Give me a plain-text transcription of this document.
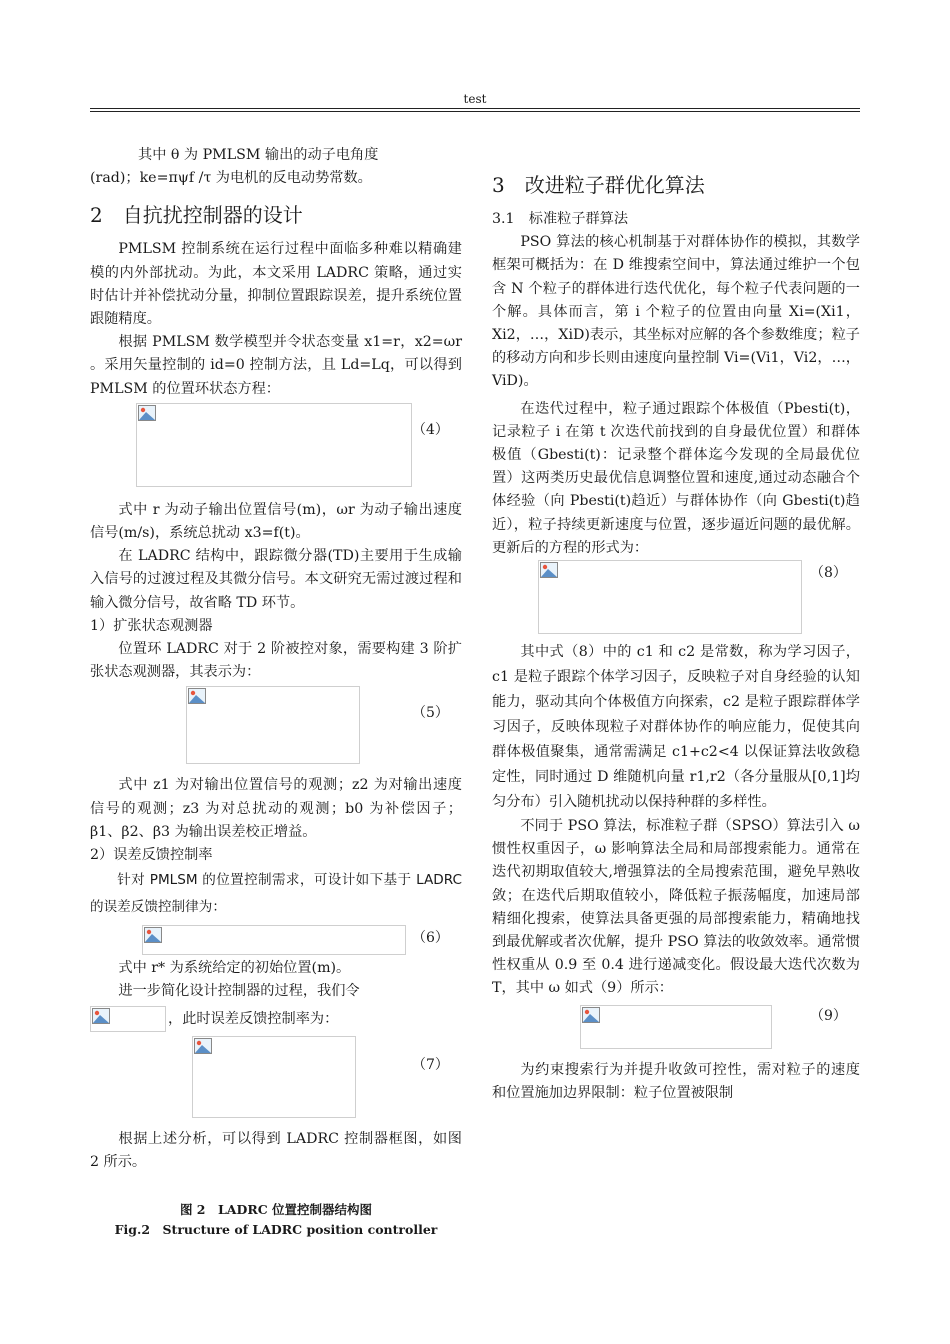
test

其中 θ 为 PMLSM 输出的动子电角度

(rad)；ke=πψf /τ 为电机的反电动势常数。

2　自抗扰控制器的设计

PMLSM 控制系统在运行过程中面临多种难以精确建模的内外部扰动。为此，本文采用 LADRC 策略，通过实时估计并补偿扰动分量，抑制位置跟踪误差，提升系统位置跟随精度。

根据 PMLSM 数学模型并令状态变量 x1=r，x2=ωr 。采用矢量控制的 id=0 控制方法，且 Ld=Lq，可以得到 PMLSM 的位置环状态方程：

（4）

式中 r 为动子输出位置信号(m)，ωr 为动子输出速度信号(m/s)，系统总扰动 x3=f(t)。

在 LADRC 结构中，跟踪微分器(TD)主要用于生成输入信号的过渡过程及其微分信号。本文研究无需过渡过程和输入微分信号，故省略 TD 环节。

1）扩张状态观测器

位置环 LADRC 对于 2 阶被控对象，需要构建 3 阶扩张状态观测器，其表示为：

（5）

式中 z1 为对输出位置信号的观测；z2 为对输出速度信号的观测；z3 为对总扰动的观测；b0 为补偿因子；β1、β2、β3 为输出误差校正增益。

2）误差反馈控制率

针对 PMLSM 的位置控制需求，可设计如下基于 LADRC 的误差反馈控制律为：

（6）

式中 r* 为系统给定的初始位置(m)。

进一步简化设计控制器的过程，我们令

，此时误差反馈控制率为：
（7）

根据上述分析，可以得到 LADRC 控制器框图，如图 2 所示。

图 2　LADRC 位置控制器结构图

Fig.2　Structure of LADRC position controller

3　改进粒子群优化算法

3.1　标准粒子群算法

PSO 算法的核心机制基于对群体协作的模拟，其数学框架可概括为：在 D 维搜索空间中，算法通过维护一个包含 N 个粒子的群体进行迭代优化，每个粒子代表问题的一个解。具体而言，第 i 个粒子的位置由向量 Xi=(Xi1，Xi2，…，XiD)表示，其坐标对应解的各个参数维度；粒子的移动方向和步长则由速度向量控制 Vi=(Vi1，Vi2，…，ViD)。

在迭代过程中，粒子通过跟踪个体极值（Pbesti(t)，记录粒子 i 在第 t 次迭代前找到的自身最优位置）和群体极值（Gbesti(t)：记录整个群体迄今发现的全局最优位置）这两类历史最优信息调整位置和速度,通过动态融合个体经验（向 Pbesti(t)趋近）与群体协作（向 Gbesti(t)趋近），粒子持续更新速度与位置，逐步逼近问题的最优解。更新后的方程的形式为：

（8）

其中式（8）中的 c1 和 c2 是常数，称为学习因子，c1 是粒子跟踪个体学习因子，反映粒子对自身经验的认知能力，驱动其向个体极值方向探索，c2 是粒子跟踪群体学习因子，反映体现粒子对群体协作的响应能力，促使其向群体极值聚集，通常需满足 c1+c2<4 以保证算法收敛稳定性，同时通过 D 维随机向量 r1,r2（各分量服从[0,1]均匀分布）引入随机扰动以保持种群的多样性。

不同于 PSO 算法，标准粒子群（SPSO）算法引入 ω 惯性权重因子，ω 影响算法全局和局部搜索能力。通常在迭代初期取值较大,增强算法的全局搜索范围，避免早熟收敛；在迭代后期取值较小，降低粒子振荡幅度，加速局部精细化搜索，使算法具备更强的局部搜索能力，精确地找到最优解或者次优解，提升 PSO 算法的收敛效率。通常惯性权重从 0.9 至 0.4 进行递减变化。假设最大迭代次数为 T，其中 ω 如式（9）所示：

（9）

为约束搜索行为并提升收敛可控性，需对粒子的速度和位置施加边界限制：粒子位置被限制
